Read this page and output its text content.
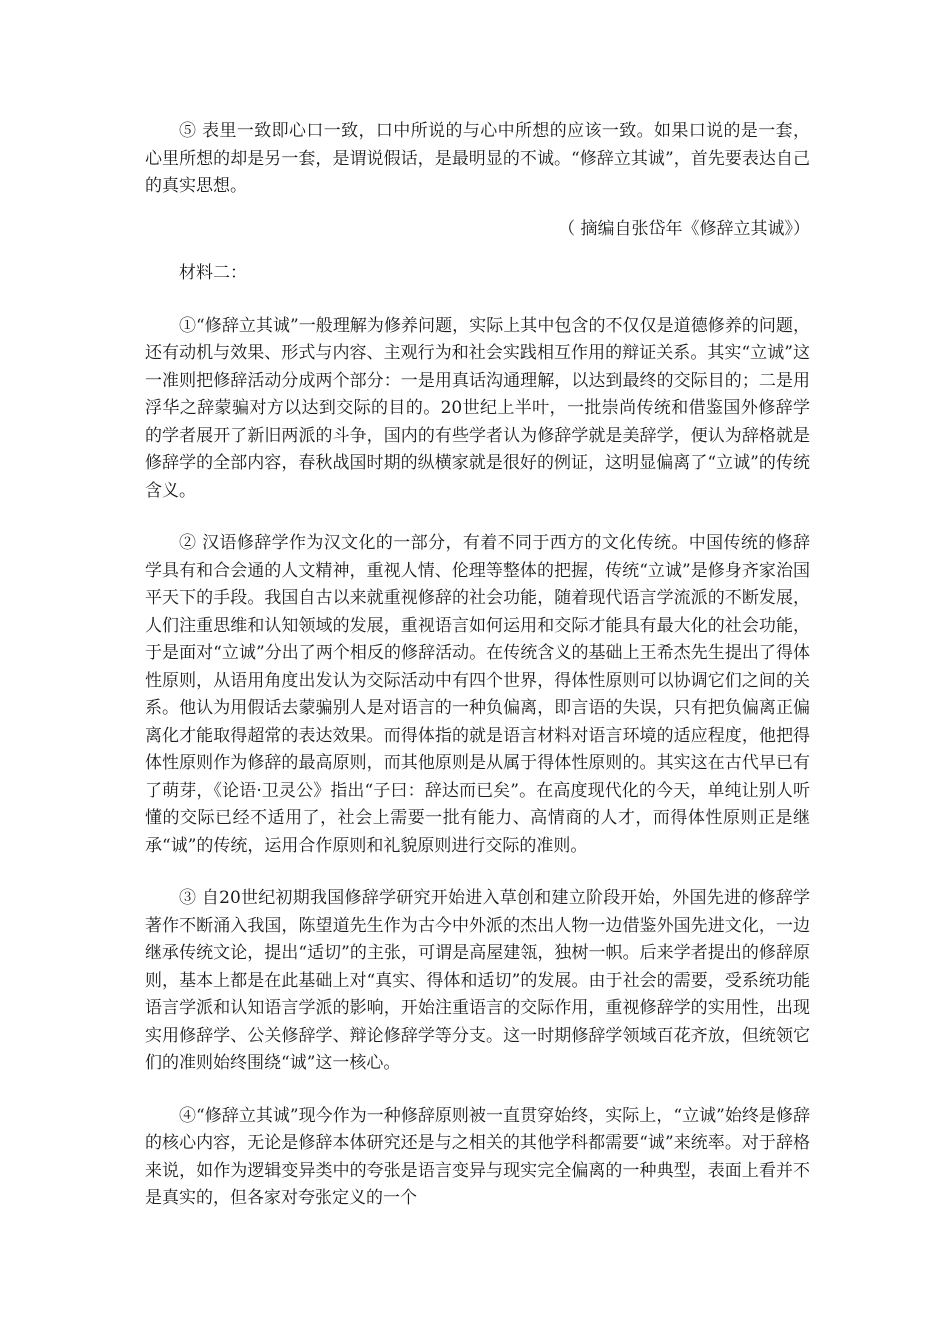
⑤ 表里一致即心口一致，口中所说的与心中所想的应该一致。如果口说的是一套，心里所想的却是另一套，是谓说假话，是最明显的不诚。“修辞立其诚”，首先要表达自己的真实思想。

（ 摘编自张岱年《修辞立其诚》）

材料二：

①“修辞立其诚”一般理解为修养问题，实际上其中包含的不仅仅是道德修养的问题，还有动机与效果、形式与内容、主观行为和社会实践相互作用的辩证关系。其实“立诚”这一准则把修辞活动分成两个部分：一是用真话沟通理解，以达到最终的交际目的；二是用浮华之辞蒙骗对方以达到交际的目的。20世纪上半叶，一批崇尚传统和借鉴国外修辞学的学者展开了新旧两派的斗争，国内的有些学者认为修辞学就是美辞学，便认为辞格就是修辞学的全部内容，春秋战国时期的纵横家就是很好的例证，这明显偏离了“立诚”的传统含义。

② 汉语修辞学作为汉文化的一部分，有着不同于西方的文化传统。中国传统的修辞学具有和合会通的人文精神，重视人情、伦理等整体的把握，传统“立诚”是修身齐家治国平天下的手段。我国自古以来就重视修辞的社会功能，随着现代语言学流派的不断发展，人们注重思维和认知领域的发展，重视语言如何运用和交际才能具有最大化的社会功能，于是面对“立诚”分出了两个相反的修辞活动。在传统含义的基础上王希杰先生提出了得体性原则，从语用角度出发认为交际活动中有四个世界，得体性原则可以协调它们之间的关系。他认为用假话去蒙骗别人是对语言的一种负偏离，即言语的失误，只有把负偏离正偏离化才能取得超常的表达效果。而得体指的就是语言材料对语言环境的适应程度，他把得体性原则作为修辞的最高原则，而其他原则是从属于得体性原则的。其实这在古代早已有了萌芽，《论语·卫灵公》指出“子曰：辞达而已矣”。在高度现代化的今天，单纯让别人听懂的交际已经不适用了，社会上需要一批有能力、高情商的人才，而得体性原则正是继承“诚”的传统，运用合作原则和礼貌原则进行交际的准则。

③ 自20世纪初期我国修辞学研究开始进入草创和建立阶段开始，外国先进的修辞学著作不断涌入我国，陈望道先生作为古今中外派的杰出人物一边借鉴外国先进文化，一边继承传统文论，提出“适切”的主张，可谓是高屋建瓴，独树一帜。后来学者提出的修辞原则，基本上都是在此基础上对“真实、得体和适切”的发展。由于社会的需要，受系统功能语言学派和认知语言学派的影响，开始注重语言的交际作用，重视修辞学的实用性，出现实用修辞学、公关修辞学、辩论修辞学等分支。这一时期修辞学领域百花齐放，但统领它们的准则始终围绕“诚”这一核心。

④“修辞立其诚”现今作为一种修辞原则被一直贯穿始终，实际上，“立诚”始终是修辞的核心内容，无论是修辞本体研究还是与之相关的其他学科都需要“诚”来统率。对于辞格来说，如作为逻辑变异类中的夸张是语言变异与现实完全偏离的一种典型，表面上看并不是真实的，但各家对夸张定义的一个
